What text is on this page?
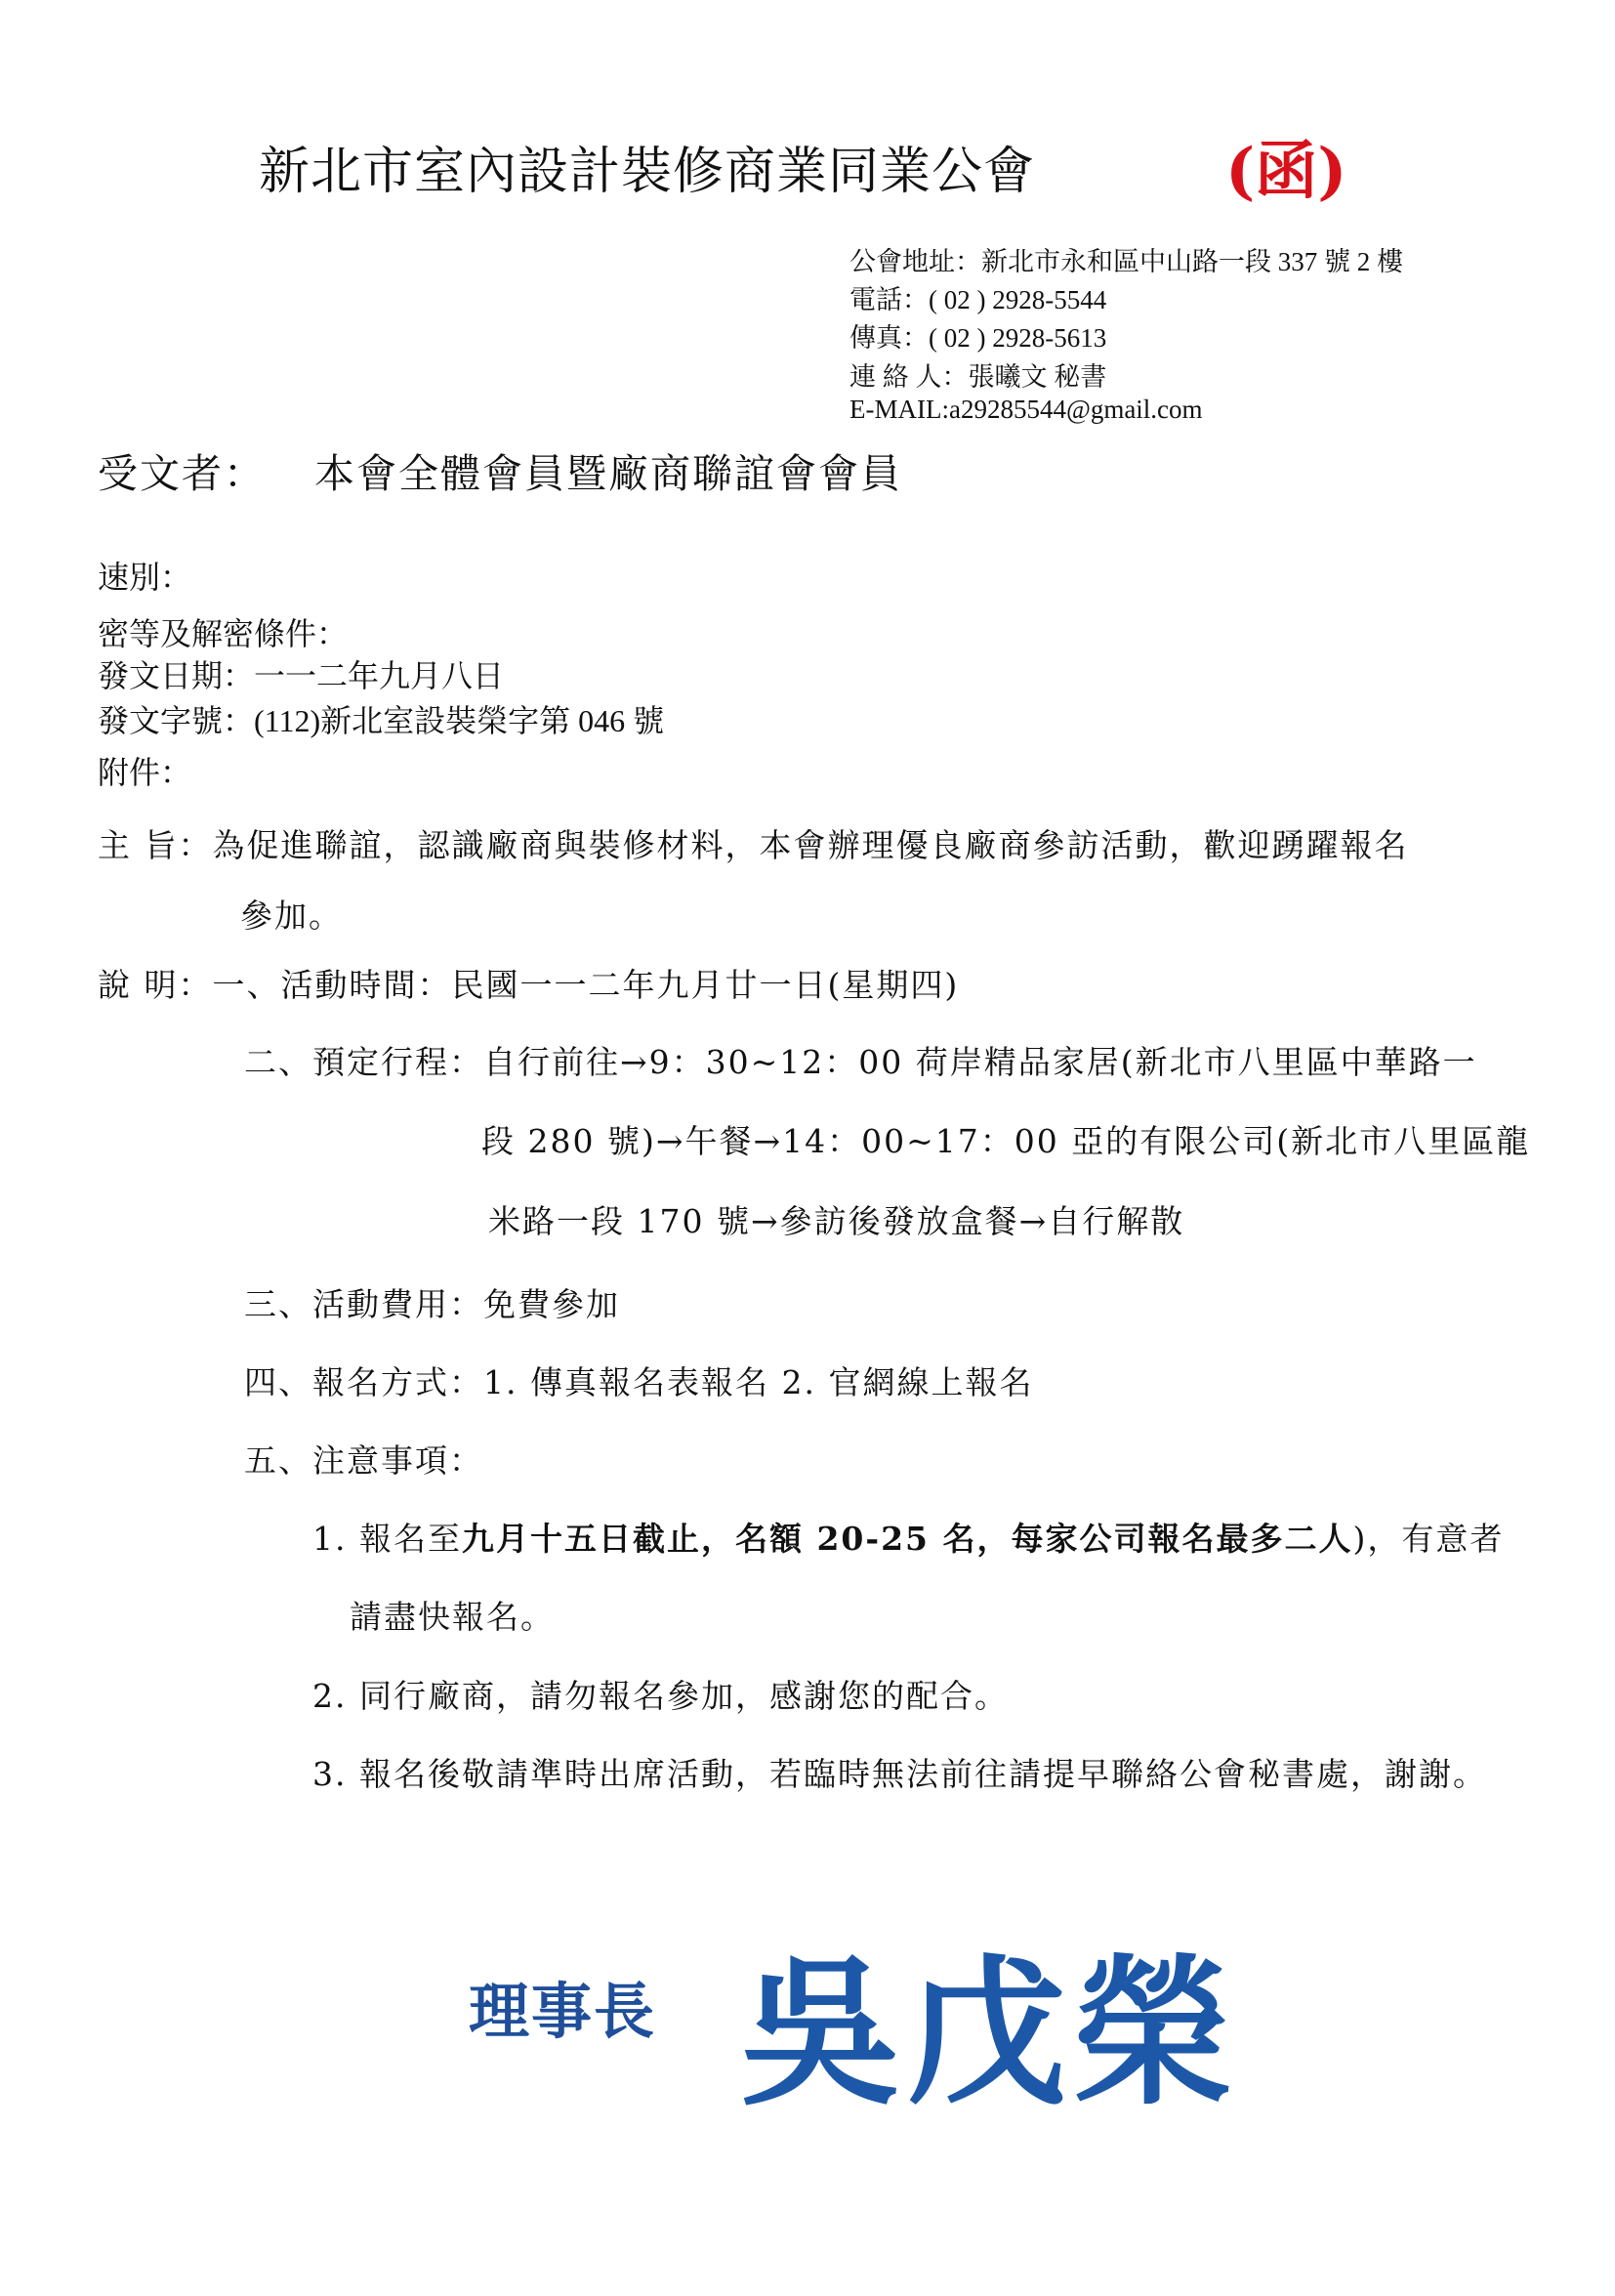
新北市室內設計裝修商業同業公會	(函)
公會地址：新北市永和區中山路一段 337 號 2 樓
電話：( 02 ) 2928-5544
傳真：( 02 ) 2928-5613
連 絡 人：張曦文 秘書
E-MAIL:a29285544@gmail.com
受文者： 本會全體會員暨廠商聯誼會會員
速別：
密等及解密條件：
發文日期：一一二年九月八日
發文字號：(112)新北室設裝榮字第 046 號
附件：
主 旨：為促進聯誼，認識廠商與裝修材料，本會辦理優良廠商參訪活動，歡迎踴躍報名
參加。
說 明：一、活動時間：民國一一二年九月廿一日(星期四)
二、預定行程：自行前往→9：30~12：00 荷岸精品家居(新北市八里區中華路一
段 280 號)→午餐→14：00~17：00 亞的有限公司(新北市八里區龍
米路一段 170 號→參訪後發放盒餐→自行解散
三、活動費用：免費參加
四、報名方式：1. 傳真報名表報名 2. 官網線上報名
五、注意事項：
1. 報名至九月十五日截止，名額 20-25 名，每家公司報名最多二人)，有意者
請盡快報名。
2. 同行廠商，請勿報名參加，感謝您的配合。
3. 報名後敬請準時出席活動，若臨時無法前往請提早聯絡公會秘書處，謝謝。
理事長 吳戊榮
